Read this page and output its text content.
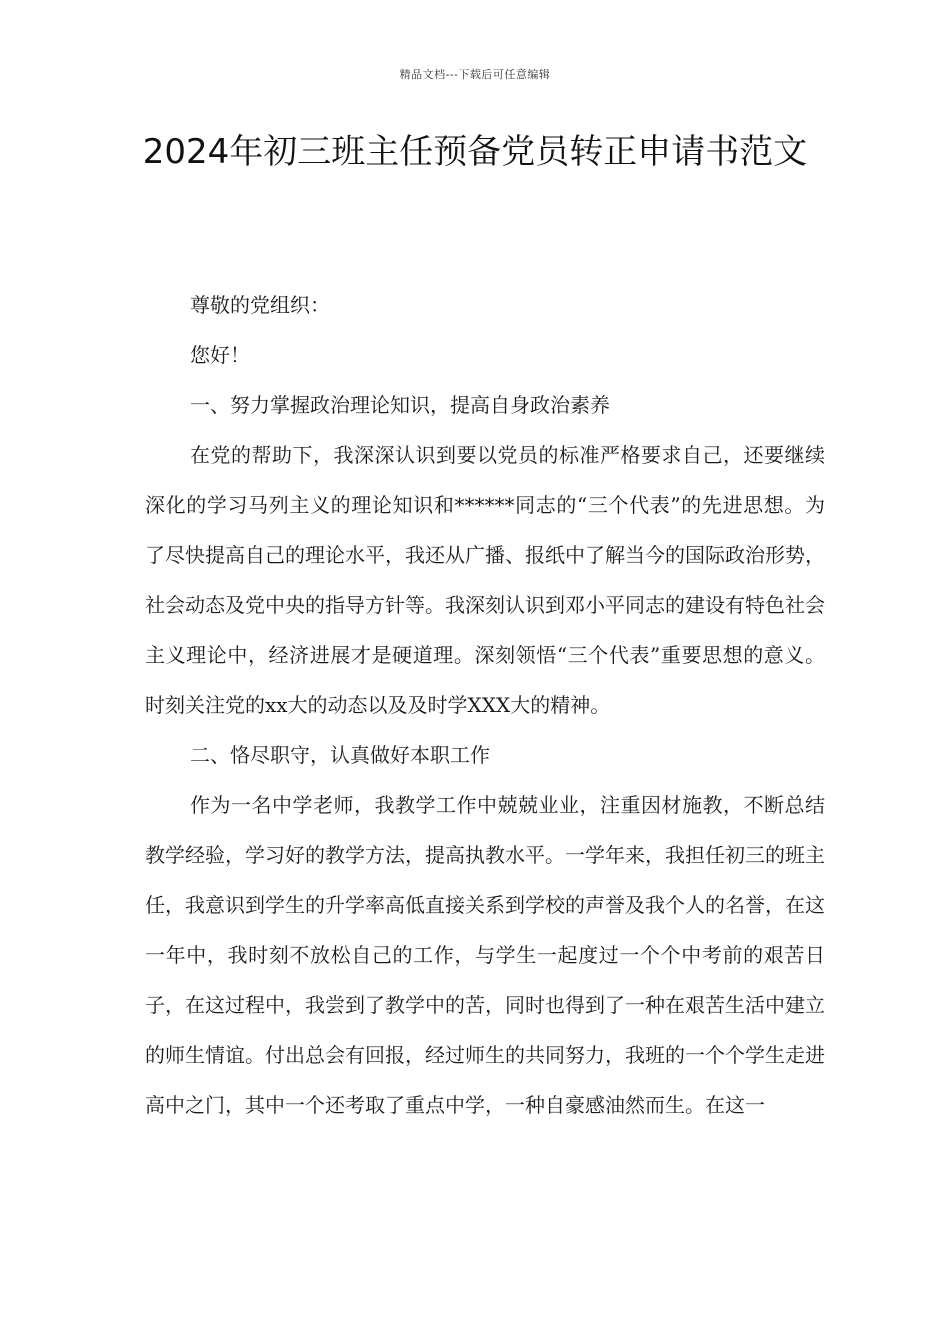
精品文档---下载后可任意编辑
2024年初三班主任预备党员转正申请书范文

尊敬的党组织：

您好！

一、努力掌握政治理论知识，提高自身政治素养

在党的帮助下，我深深认识到要以党员的标准严格要求自己，还要继续深化的学习马列主义的理论知识和******同志的“三个代表”的先进思想。为了尽快提高自己的理论水平，我还从广播、报纸中了解当今的国际政治形势，社会动态及党中央的指导方针等。我深刻认识到邓小平同志的建设有特色社会主义理论中，经济进展才是硬道理。深刻领悟“三个代表”重要思想的意义。时刻关注党的xx大的动态以及及时学XXX大的精神。

二、恪尽职守，认真做好本职工作

作为一名中学老师，我教学工作中兢兢业业，注重因材施教，不断总结教学经验，学习好的教学方法，提高执教水平。一学年来，我担任初三的班主任，我意识到学生的升学率高低直接关系到学校的声誉及我个人的名誉，在这一年中，我时刻不放松自己的工作，与学生一起度过一个个中考前的艰苦日子，在这过程中，我尝到了教学中的苦，同时也得到了一种在艰苦生活中建立的师生情谊。付出总会有回报，经过师生的共同努力，我班的一个个学生走进高中之门，其中一个还考取了重点中学，一种自豪感油然而生。在这一
